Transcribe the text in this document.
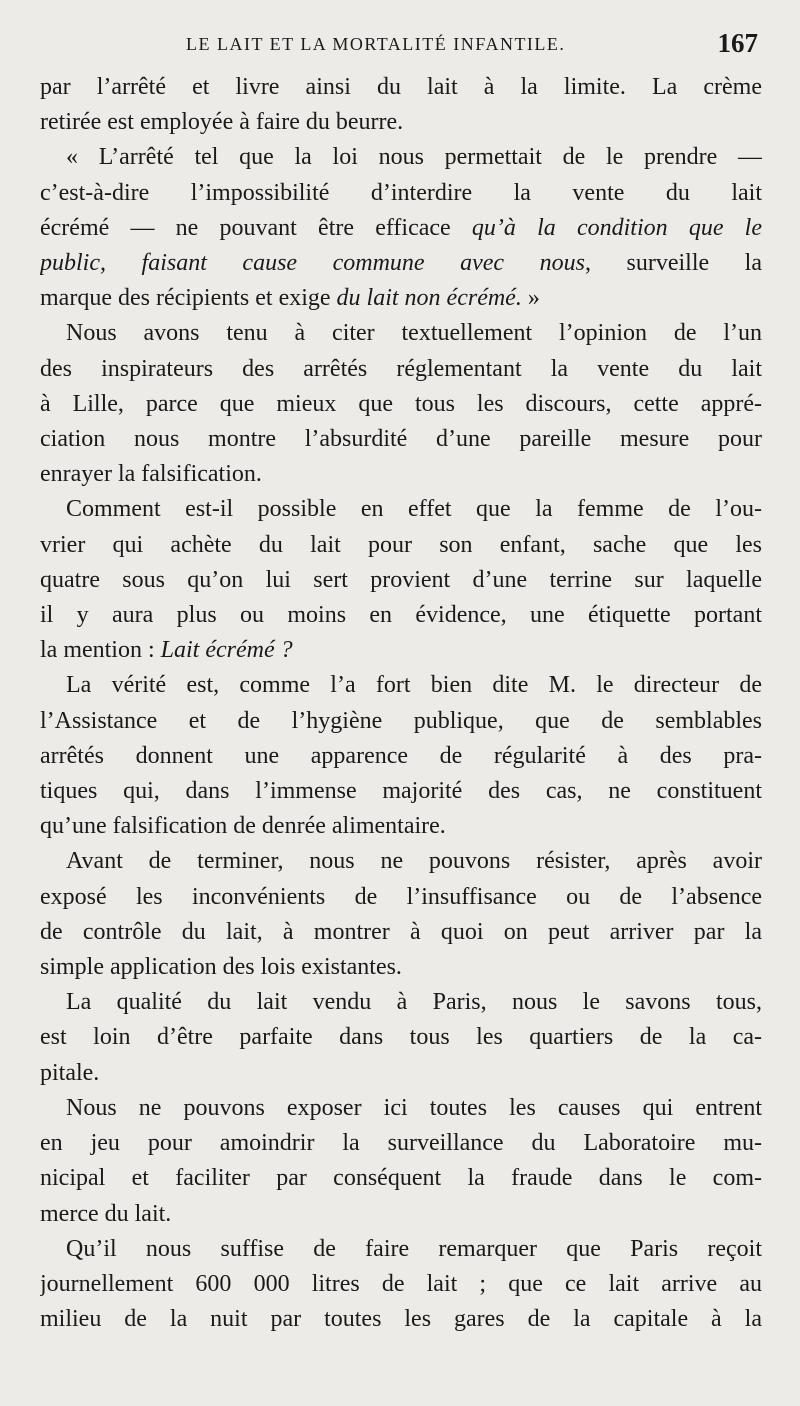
LE LAIT ET LA MORTALITÉ INFANTILE.	167
par l’arrêté et livre ainsi du lait à la limite. La crème
retirée est employée à faire du beurre.
« L’arrêté tel que la loi nous permettait de le prendre —
c’est-à-dire l’impossibilité d’interdire la vente du lait
écrémé — ne pouvant être efficace qu’à la condition que le
public, faisant cause commune avec nous, surveille la
marque des récipients et exige du lait non écrémé. »
Nous avons tenu à citer textuellement l’opinion de l’un
des inspirateurs des arrêtés réglementant la vente du lait
à Lille, parce que mieux que tous les discours, cette appré-
ciation nous montre l’absurdité d’une pareille mesure pour
enrayer la falsification.
Comment est-il possible en effet que la femme de l’ou-
vrier qui achète du lait pour son enfant, sache que les
quatre sous qu’on lui sert provient d’une terrine sur laquelle
il y aura plus ou moins en évidence, une étiquette portant
la mention : Lait écrémé ?
La vérité est, comme l’a fort bien dite M. le directeur de
l’Assistance et de l’hygiène publique, que de semblables
arrêtés donnent une apparence de régularité à des pra-
tiques qui, dans l’immense majorité des cas, ne constituent
qu’une falsification de denrée alimentaire.
Avant de terminer, nous ne pouvons résister, après avoir
exposé les inconvénients de l’insuffisance ou de l’absence
de contrôle du lait, à montrer à quoi on peut arriver par la
simple application des lois existantes.
La qualité du lait vendu à Paris, nous le savons tous,
est loin d’être parfaite dans tous les quartiers de la ca-
pitale.
Nous ne pouvons exposer ici toutes les causes qui entrent
en jeu pour amoindrir la surveillance du Laboratoire mu-
nicipal et faciliter par conséquent la fraude dans le com-
merce du lait.
Qu’il nous suffise de faire remarquer que Paris reçoit
journellement 600 000 litres de lait ; que ce lait arrive au
milieu de la nuit par toutes les gares de la capitale à la
